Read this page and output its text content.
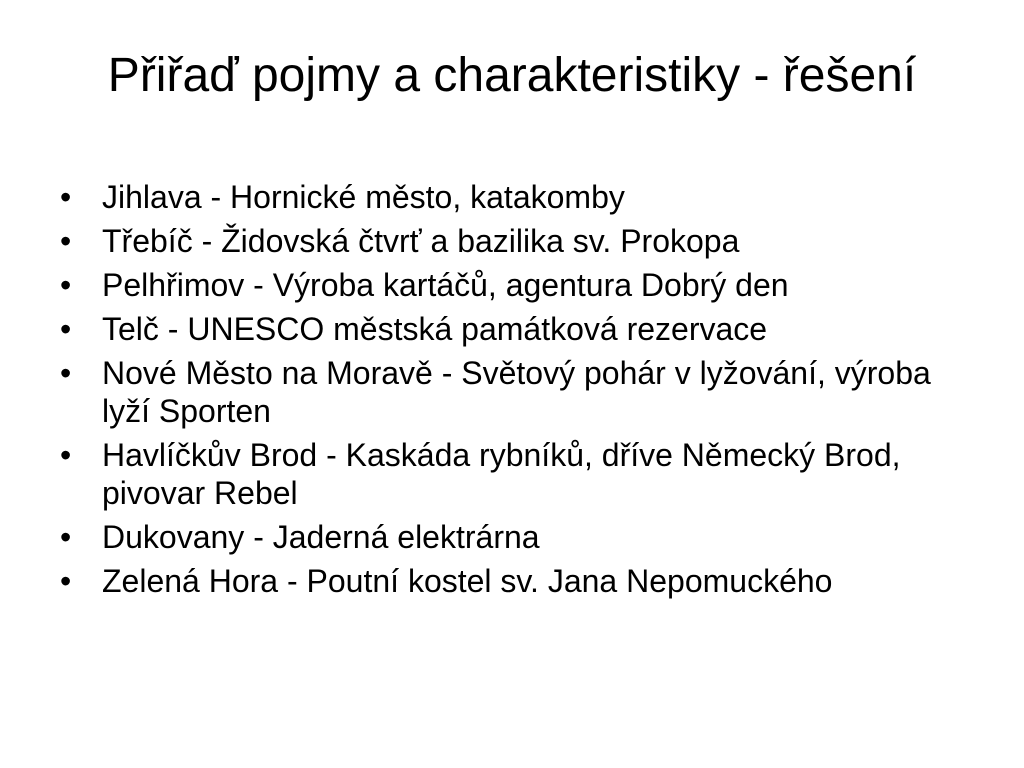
Přiřaď pojmy a charakteristiky - řešení
• Jihlava - Hornické město, katakomby
• Třebíč - Židovská čtvrť a bazilika sv. Prokopa
• Pelhřimov - Výroba kartáčů, agentura Dobrý den
• Telč - UNESCO městská památková rezervace
• Nové Město na Moravě - Světový pohár v lyžování, výroba lyží Sporten
• Havlíčkův Brod - Kaskáda rybníků, dříve Německý Brod, pivovar Rebel
• Dukovany - Jaderná elektrárna
• Zelená Hora - Poutní kostel sv. Jana Nepomuckého
